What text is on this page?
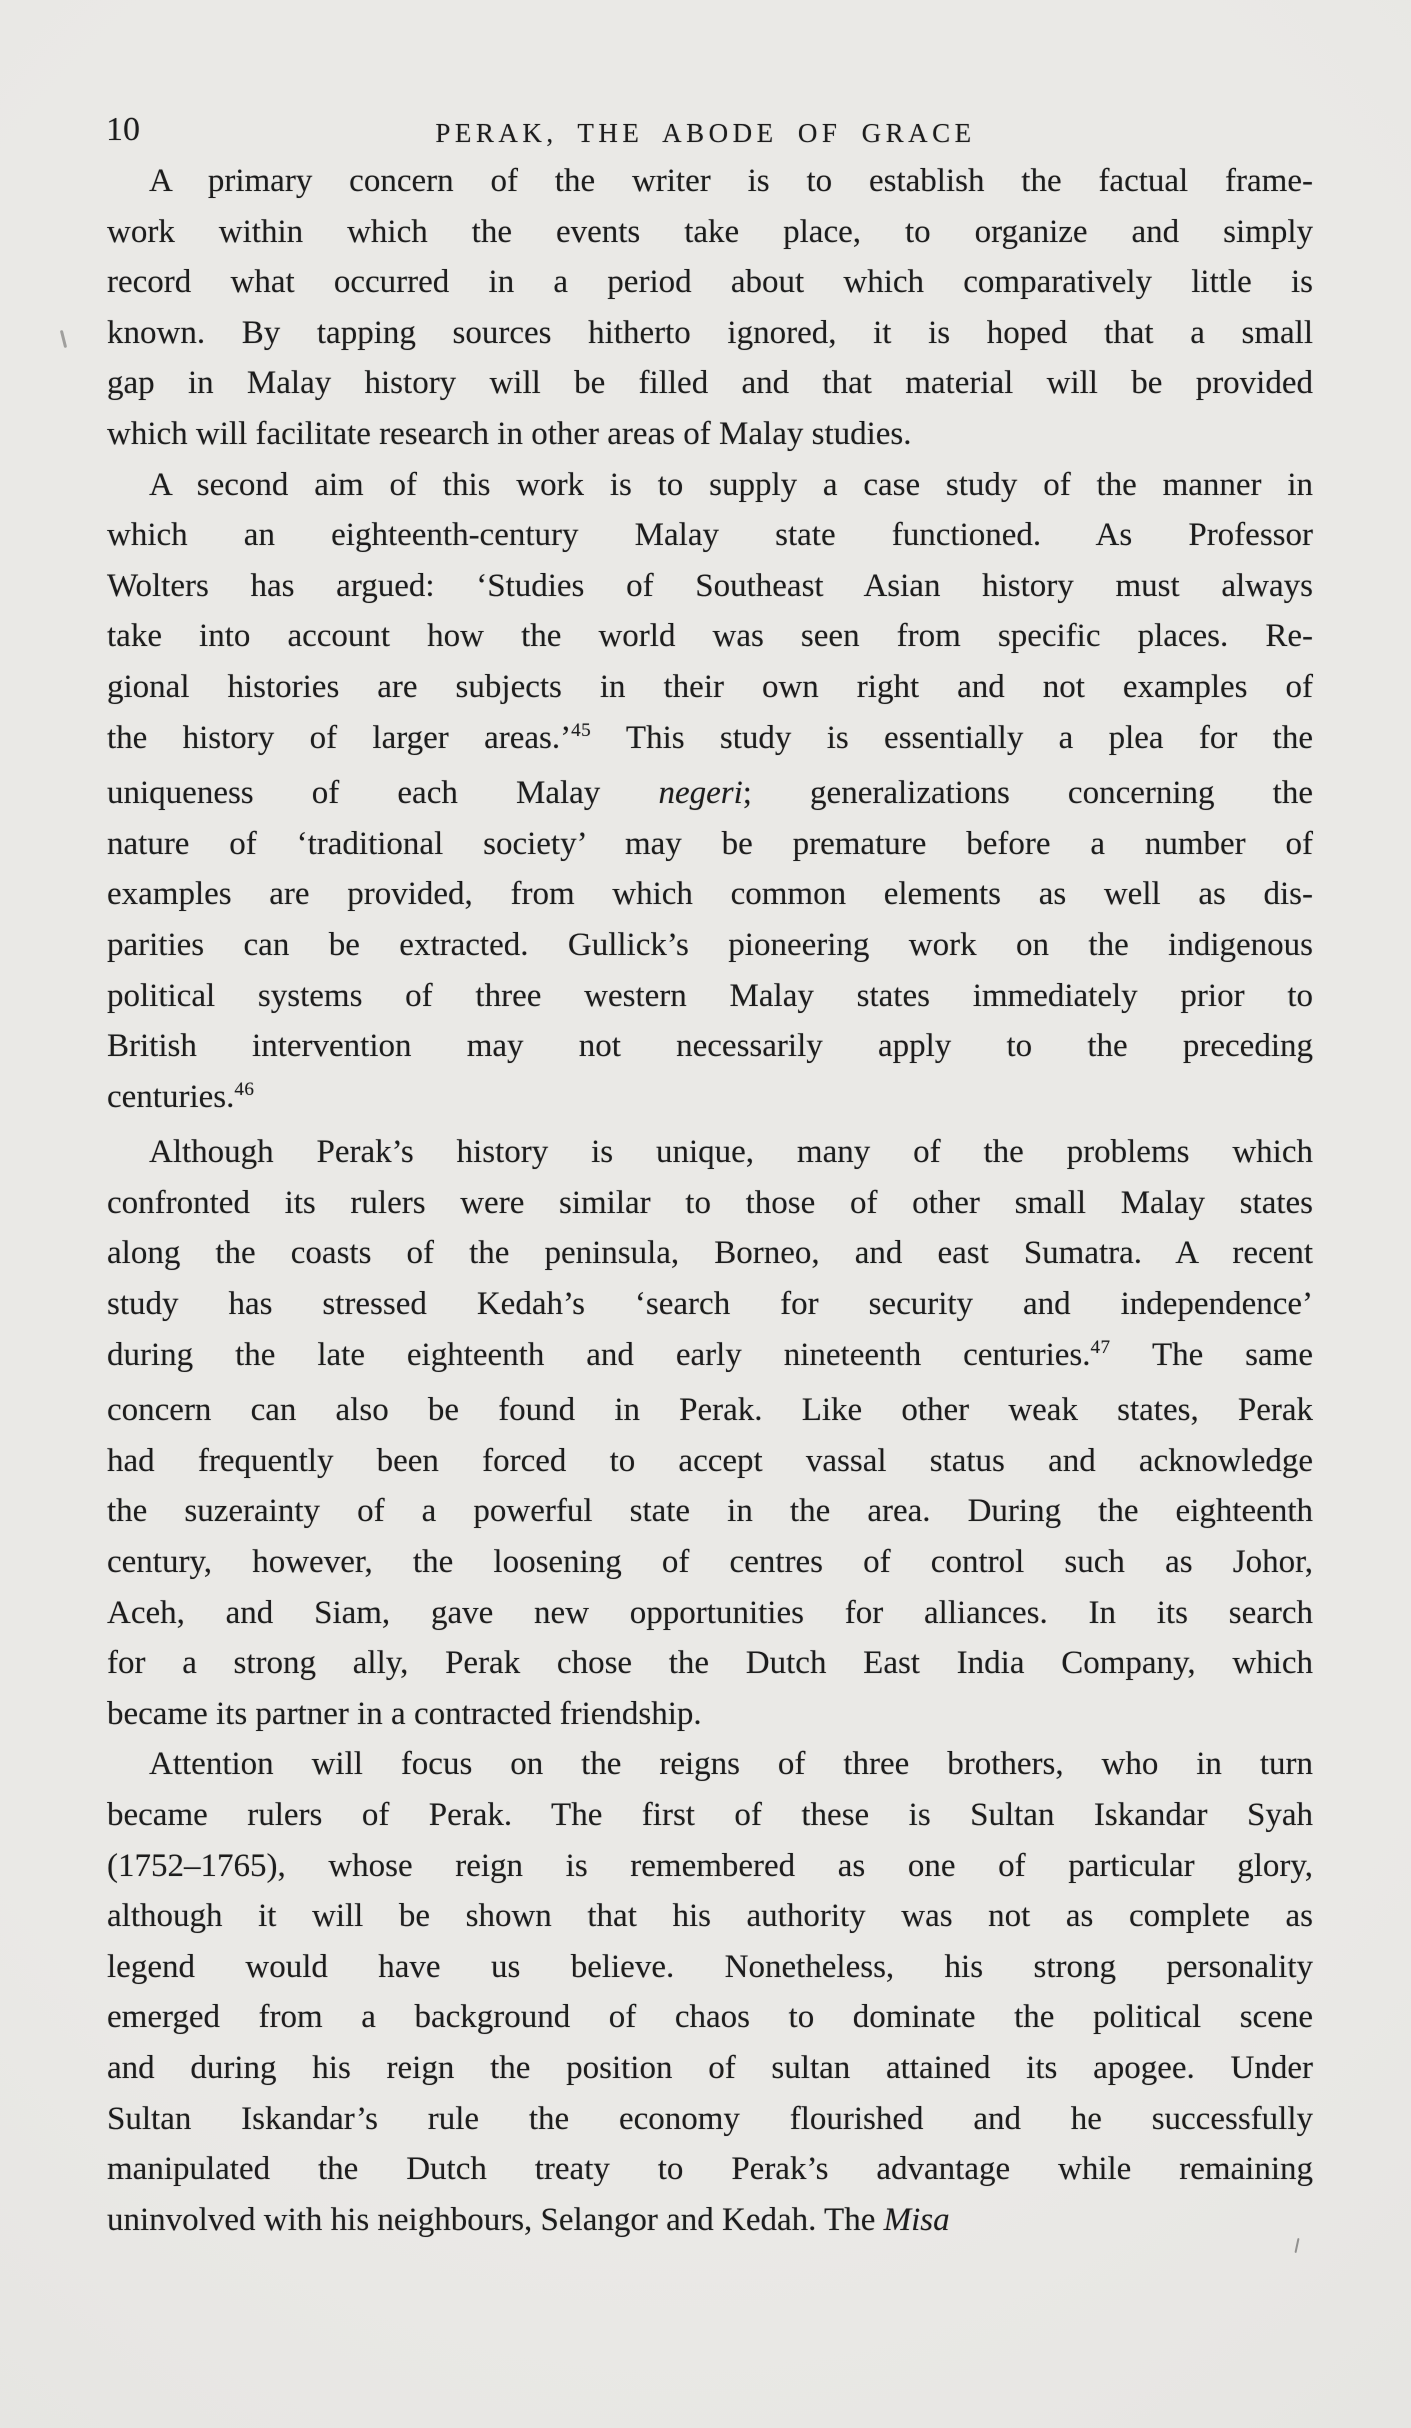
10	PERAK, THE ABODE OF GRACE

A primary concern of the writer is to establish the factual frame-
work within which the events take place, to organize and simply
record what occurred in a period about which comparatively little is
known. By tapping sources hitherto ignored, it is hoped that a small
gap in Malay history will be filled and that material will be provided
which will facilitate research in other areas of Malay studies.

A second aim of this work is to supply a case study of the manner in
which an eighteenth-century Malay state functioned. As Professor
Wolters has argued: ‘Studies of Southeast Asian history must always
take into account how the world was seen from specific places. Re-
gional histories are subjects in their own right and not examples of
the history of larger areas.’45 This study is essentially a plea for the
uniqueness of each Malay negeri; generalizations concerning the
nature of ‘traditional society’ may be premature before a number of
examples are provided, from which common elements as well as dis-
parities can be extracted. Gullick’s pioneering work on the indigenous
political systems of three western Malay states immediately prior to
British intervention may not necessarily apply to the preceding
centuries.46

Although Perak’s history is unique, many of the problems which
confronted its rulers were similar to those of other small Malay states
along the coasts of the peninsula, Borneo, and east Sumatra. A recent
study has stressed Kedah’s ‘search for security and independence’
during the late eighteenth and early nineteenth centuries.47 The same
concern can also be found in Perak. Like other weak states, Perak
had frequently been forced to accept vassal status and acknowledge
the suzerainty of a powerful state in the area. During the eighteenth
century, however, the loosening of centres of control such as Johor,
Aceh, and Siam, gave new opportunities for alliances. In its search
for a strong ally, Perak chose the Dutch East India Company, which
became its partner in a contracted friendship.

Attention will focus on the reigns of three brothers, who in turn
became rulers of Perak. The first of these is Sultan Iskandar Syah
(1752–1765), whose reign is remembered as one of particular glory,
although it will be shown that his authority was not as complete as
legend would have us believe. Nonetheless, his strong personality
emerged from a background of chaos to dominate the political scene
and during his reign the position of sultan attained its apogee. Under
Sultan Iskandar’s rule the economy flourished and he successfully
manipulated the Dutch treaty to Perak’s advantage while remaining
uninvolved with his neighbours, Selangor and Kedah. The Misa
